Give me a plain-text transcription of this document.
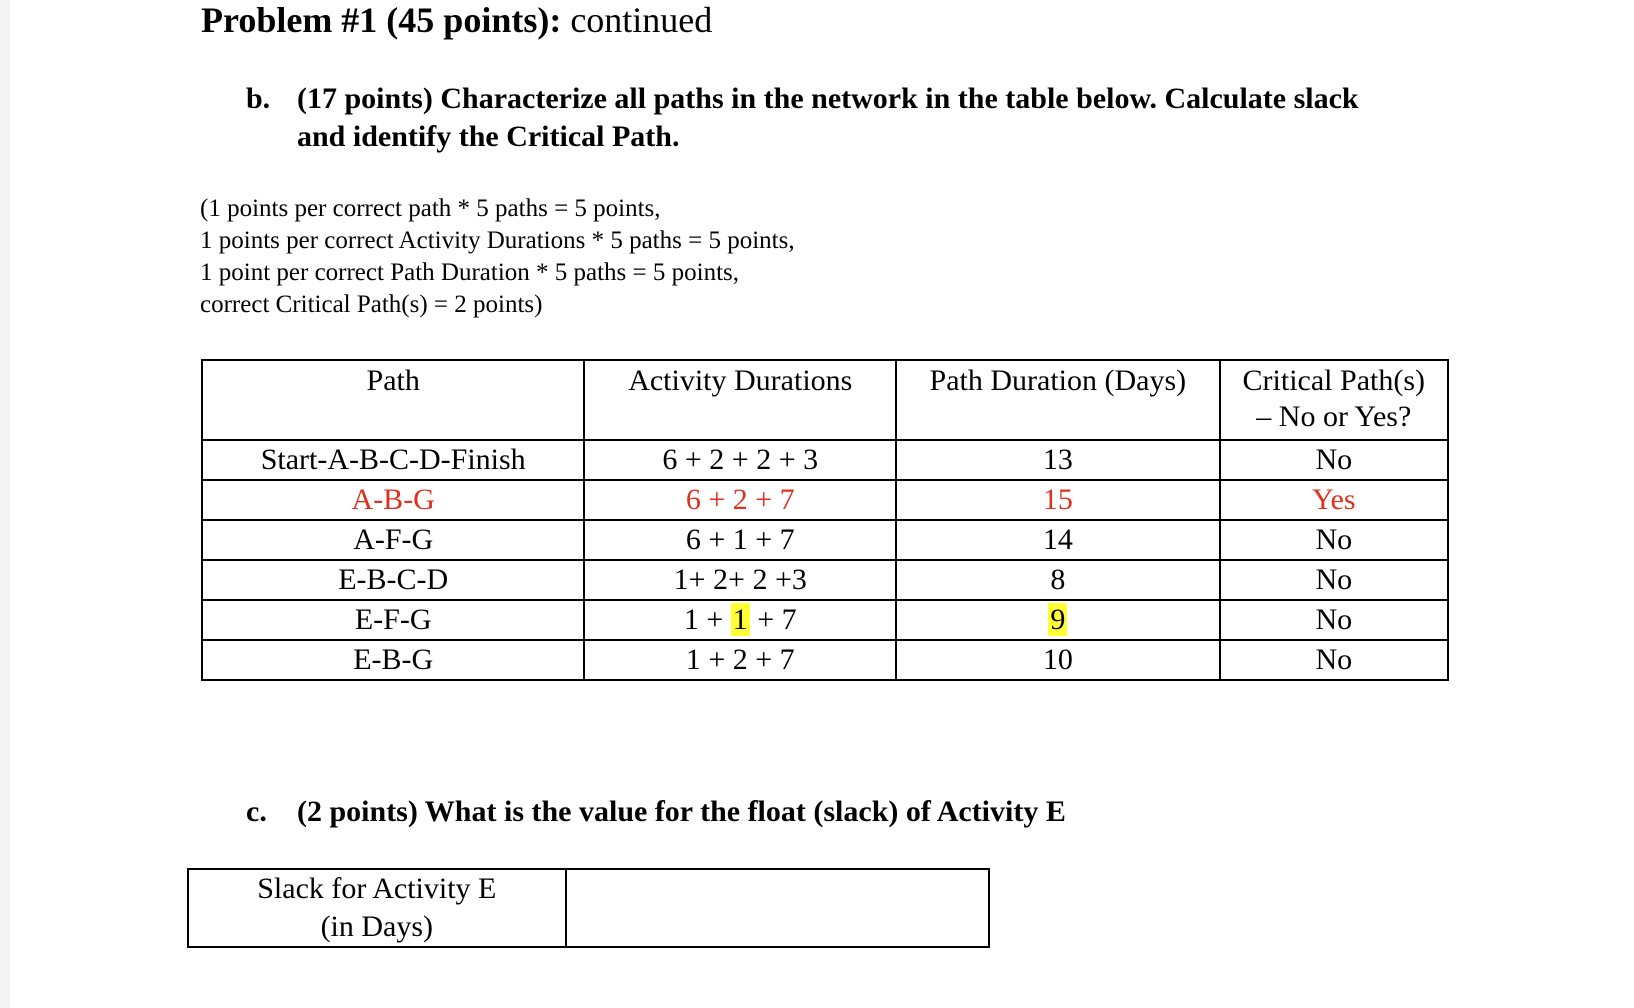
Problem #1 (45 points): continued
b. (17 points) Characterize all paths in the network in the table below. Calculate slack
and identify the Critical Path.
(1 points per correct path * 5 paths = 5 points,
1 points per correct Activity Durations * 5 paths = 5 points,
1 point per correct Path Duration * 5 paths = 5 points,
correct Critical Path(s) = 2 points)
Path	Activity Durations	Path Duration (Days)	Critical Path(s)
– No or Yes?

Start-A-B-C-D-Finish	6 + 2 + 2 + 3	13	No
A-B-G	6 + 2 + 7	15	Yes
A-F-G	6 + 1 + 7	14	No
E-B-C-D	1+ 2+ 2 +3	8	No
E-F-G	1 + 1 + 7	9	No
E-B-G	1 + 2 + 7	10	No
c. (2 points) What is the value for the float (slack) of Activity E
Slack for Activity E
(in Days)
